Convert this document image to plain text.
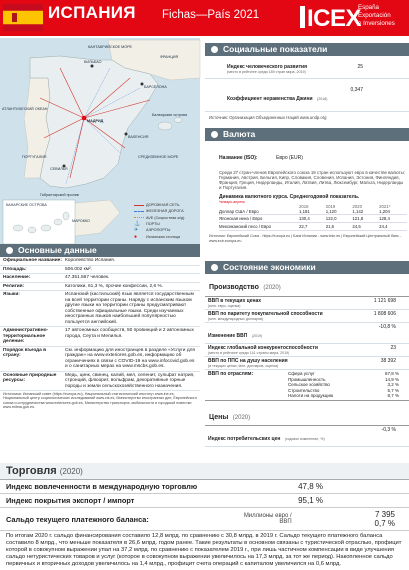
ИСПАНИЯ Fichas—País 2021 ICEX
España
Exportación
e Inversiones
КАНТАБРИЙСКОЕ МОРЕ
АТЛАНТИЧЕСКИЙ ОКЕАН
СРЕДИЗЕМНОЕ МОРЕ
МАДРИД
БАРСЕЛОНА
ВАЛЕНСИЯ
СЕВИЛЬЯ
БИЛЬБАО
ФРАНЦИЯ
ПОРТУГАЛИЯ
МАРОККО
Гибралтарский пролив
КАНАРСКИЕ ОСТРОВА
Балеарские острова
ДОРОЖНАЯ СЕТЬ
ЖЕЛЕЗНАЯ ДОРОГА
AVE (Скоростная ж/д)
⚓	ПОРТЫ
✈	АЭРОПОРТЫ
●	Испанская столица
Основные данные
Официальное название: Королевство Испания.
Площадь:	506.002 км².
Население:	47.351.567 человек.
Религия:	Католики, 61,3 %, прочие конфессии, 2,6 %.
Языки:	Испанский (кастильский) язык является государственным на всей территории страны. Наряду с испанским языком другие языки на территории страны предусматривают собственные официальные языки. Среди изучаемых иностранных языков наибольшей популярностью пользуется английский.
Административно-территориальное деление:
17 автономных сообществ, 50 провинций и 2 автономных города, Сеута и Мелилья.
Порядок въезда в страну:
См. информацию для иностранцев в разделе «Услуги для граждан» на www.exteriores.gob.es, информацию об ограничениях в связи с COVID-19 на www.infocovid.gob.es и о санитарных мерах на www.mscbs.gob.es.
Основные природные ресурсы:
Медь, цинк, свинец, калий, мел, селенит, сульфат натрия, стронций, флюорит, вольфрам, декоративные горные породы и земли сельскохозяйственного назначения.
Источники: Испанский совет (https://europa.eu), Национальный статистический институт www.ine.es, Национальный центр социологических исследований www.cis.es, Министерство иностранных дел, Европейского союза и сотрудничества www.exteriores.gob.es, Министерство транспорта, мобильности и городской повестки www.mitma.gob.es.
Социальные показатели
Индекс человеческого развития
(место в рейтинге среди 189 стран мира, 2019)
25
Коэффициент неравенства Джини (2018)
0,347
Источник: Организация Объединенных Наций www.undp.org
Валюта
Название (ISO):	Евро (EUR)
Среди 27 стран-членов Европейского союза 19 стран используют евро в качестве валюты: Германия, Австрия, Бельгия, Кипр, Словакия, Словения, Испания, Эстония, Финляндия, Франция, Греция, Нидерланды, Италия, Латвия, Литва, Люксембург, Мальта, Нидерланды и Португалия.
Динамика валютного курса. Среднегодовой показатель.
*январь-апрель
	2018	2019	2020	2021*
Доллар США / Евро	1,181	1,120	1,142	1,204
Японская иена / Евро	130,4	122,0	121,8	128,4
Мексиканский песо / Евро	22,7	21,6	24,5	24,4
Источник: Европейский Союз - https://europa.eu | Банк Испании - www.bde.es | Европейский Центральный банк - www.ecb.europa.eu
Состояние экономики
Производство (2020)
ВВП в текущих ценах
(млн. евро, оценка)
1 121 698
ВВП по паритету покупательной способности
(млн. международных долларов)
1 808 606
Изменение ВВП (2019)
-10,8 %
Индекс глобальной конкурентоспособности
(место в рейтинге среди 141 страны мира, 2019)
23
ВВП по ППС на душу населения
(в текущих ценах, млн. долларов, оценка)
38 392
ВВП по отраслям:	Сфера услуг	67,8 %
Промышленность	14,9 %
Сельское хозяйство	3,2 %
Строительство	5,7 %
Налоги на продукцию	8,7 %
Цены (2020)
Индекс потребительских цен (годовое изменение, %)
-0,3 %
Торговля (2020)
Индекс вовлеченности в международную торговлю	47,8 %
Индекс покрытия экспорт / импорт	95,1 %
Сальдо текущего платежного баланса:	Миллионы евро / ВВП
7 395
0,7 %
По итогам 2020 г. сальдо финансирования составило 12,8 млрд. по сравнению с 30,8 млрд. в 2019 г. Сальдо текущего платежного баланса составило 8 млрд., что меньше показателя в 26,6 млрд. годом ранее. Такие результаты в основном связаны с туристической отраслью, профицит которой в совокупном выражении упал на 37,2 млрд. по сравнению с показателем 2019 г., при лишь частичном компенсации в виде улучшения сальдо нетуристических товаров и услуг (которое в совокупном выражении увеличилось на 17,3 млрд. за тот же период). Накопленное сальдо первичных и вторичных доходов увеличилось на 1,4 млрд., профицит счета операций с капиталом увеличился на 0,6 млрд.
